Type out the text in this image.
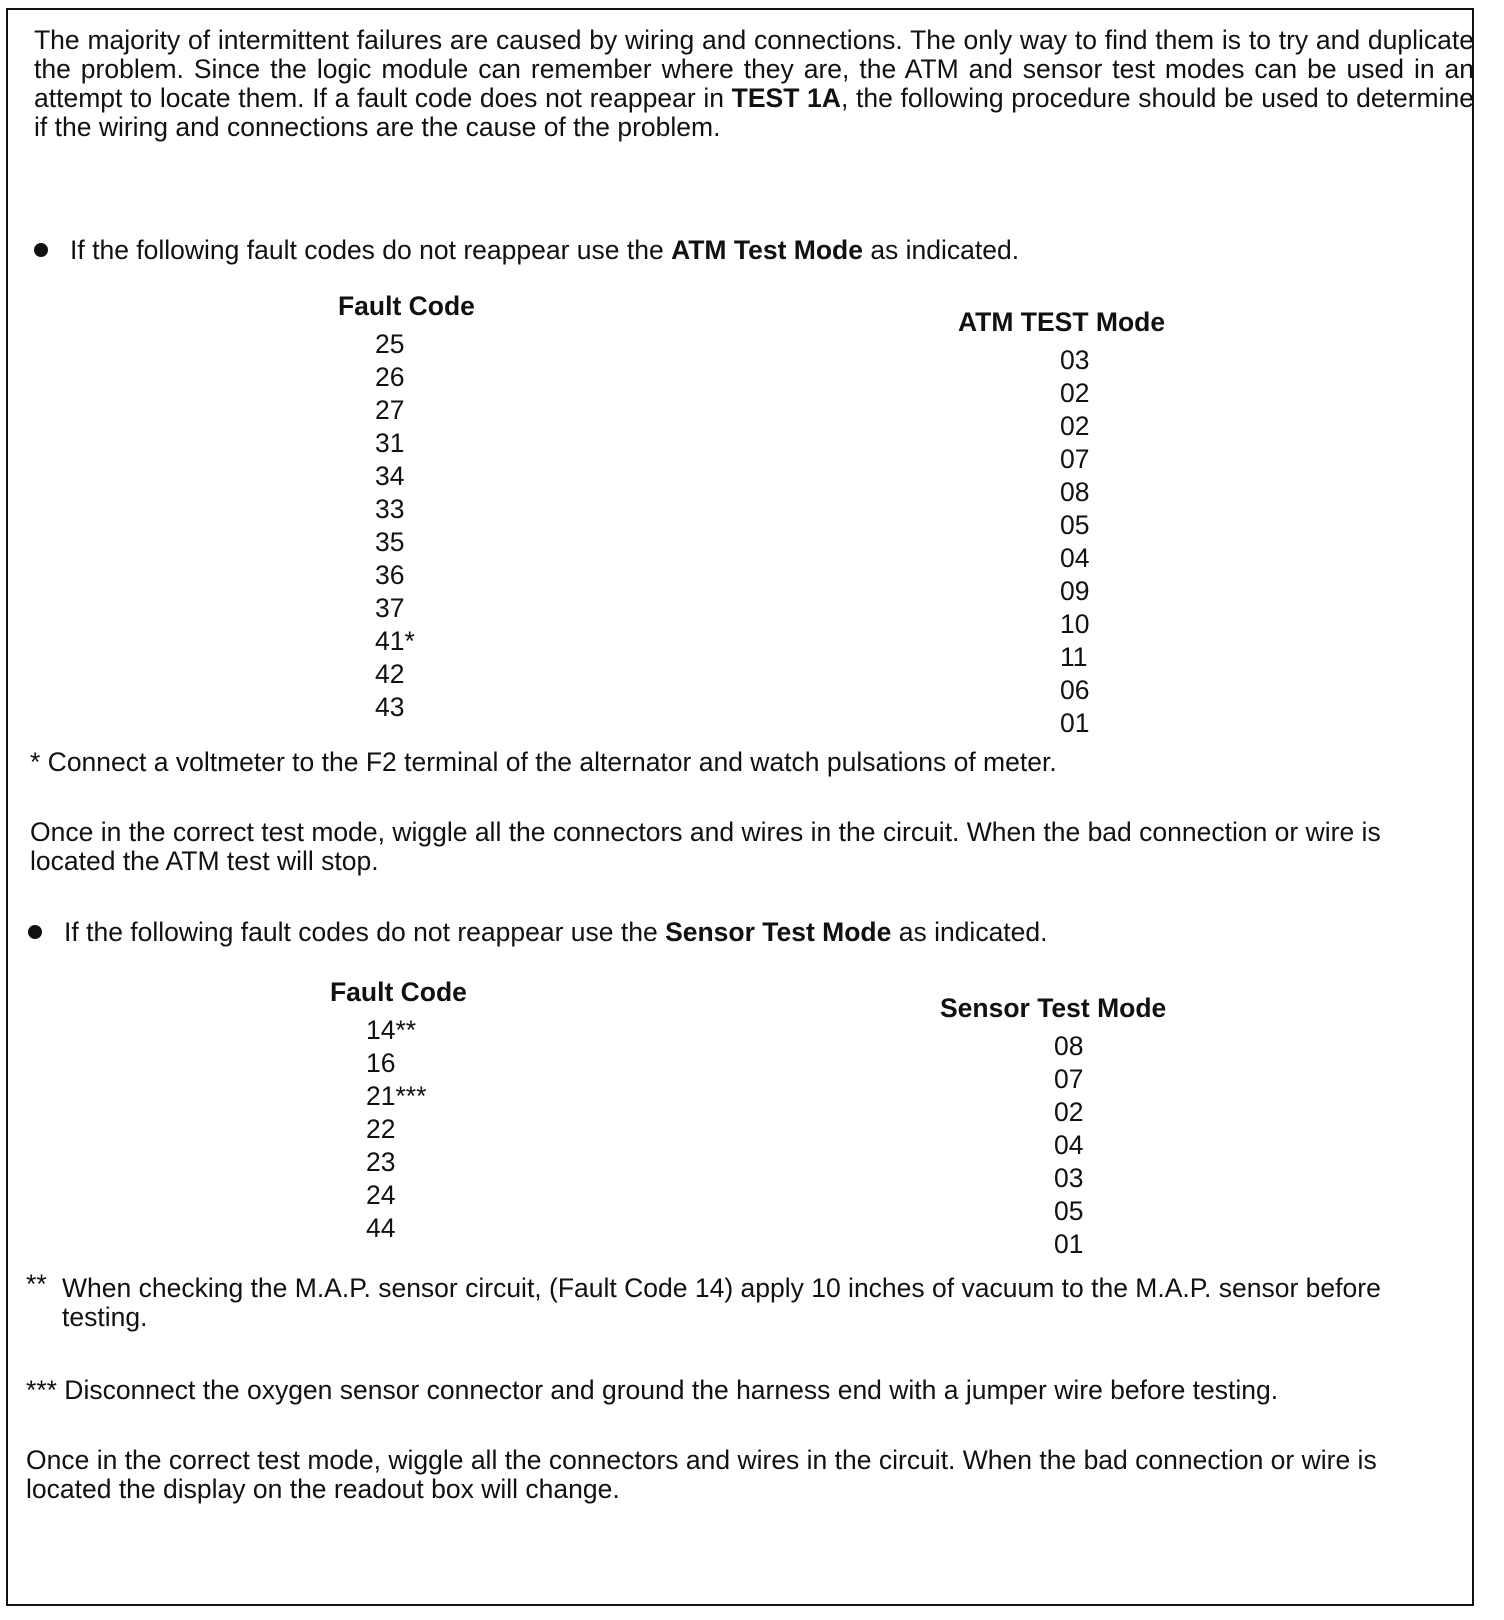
The majority of intermittent failures are caused by wiring and connections. The only way to find them is to try and duplicate the problem. Since the logic module can remember where they are, the ATM and sensor test modes can be used in an attempt to locate them. If a fault code does not reappear in TEST 1A, the following procedure should be used to determine if the wiring and connections are the cause of the problem.

If the following fault codes do not reappear use the ATM Test Mode as indicated.

Fault Code
ATM TEST Mode
25
26
27
31
34
33
35
36
37
41*
42
43
03
02
02
07
08
05
04
09
10
11
06
01

* Connect a voltmeter to the F2 terminal of the alternator and watch pulsations of meter.

Once in the correct test mode, wiggle all the connectors and wires in the circuit. When the bad connection or wire is located the ATM test will stop.

If the following fault codes do not reappear use the Sensor Test Mode as indicated.

Fault Code
Sensor Test Mode
14**
16
21***
22
23
24
44
08
07
02
04
03
05
01

** When checking the M.A.P. sensor circuit, (Fault Code 14) apply 10 inches of vacuum to the M.A.P. sensor before testing.

*** Disconnect the oxygen sensor connector and ground the harness end with a jumper wire before testing.

Once in the correct test mode, wiggle all the connectors and wires in the circuit. When the bad connection or wire is located the display on the readout box will change.
